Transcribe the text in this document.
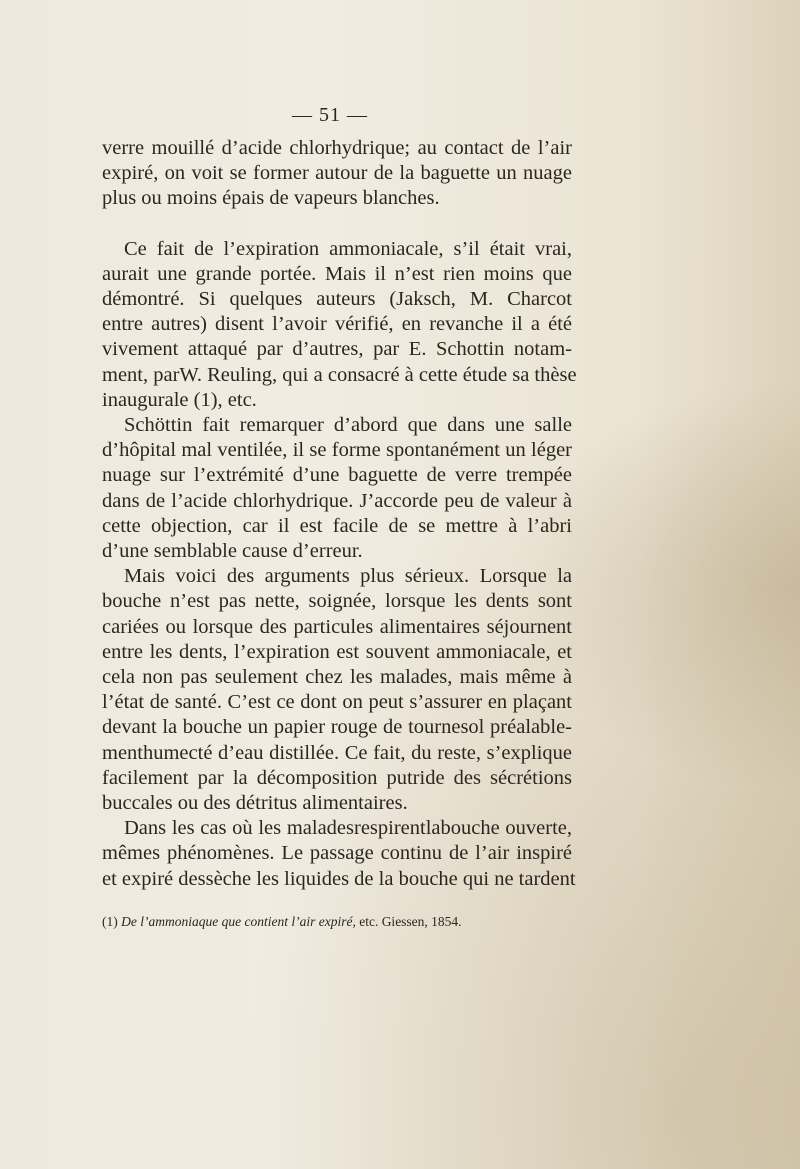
— 51 —

verre mouillé d’acide chlorhydrique; au contact de l’air
expiré, on voit se former autour de la baguette un nuage
plus ou moins épais de vapeurs blanches.

Ce fait de l’expiration ammoniacale, s’il était vrai,
aurait une grande portée. Mais il n’est rien moins que
démontré. Si quelques auteurs (Jaksch, M. Charcot
entre autres) disent l’avoir vérifié, en revanche il a été
vivement attaqué par d’autres, par E. Schottin notam-
ment, parW. Reuling, qui a consacré à cette étude sa thèse
inaugurale (1), etc.

Schöttin fait remarquer d’abord que dans une salle
d’hôpital mal ventilée, il se forme spontanément un léger
nuage sur l’extrémité d’une baguette de verre trempée
dans de l’acide chlorhydrique. J’accorde peu de valeur à
cette objection, car il est facile de se mettre à l’abri
d’une semblable cause d’erreur.

Mais voici des arguments plus sérieux. Lorsque la
bouche n’est pas nette, soignée, lorsque les dents sont
cariées ou lorsque des particules alimentaires séjournent
entre les dents, l’expiration est souvent ammoniacale, et
cela non pas seulement chez les malades, mais même à
l’état de santé. C’est ce dont on peut s’assurer en plaçant
devant la bouche un papier rouge de tournesol préalable-
menthumecté d’eau distillée. Ce fait, du reste, s’explique
facilement par la décomposition putride des sécrétions
buccales ou des détritus alimentaires.

Dans les cas où les maladesrespirentlabouche ouverte,
mêmes phénomènes. Le passage continu de l’air inspiré
et expiré dessèche les liquides de la bouche qui ne tardent

(1) De l’ammoniaque que contient l’air expiré, etc. Giessen, 1854.
